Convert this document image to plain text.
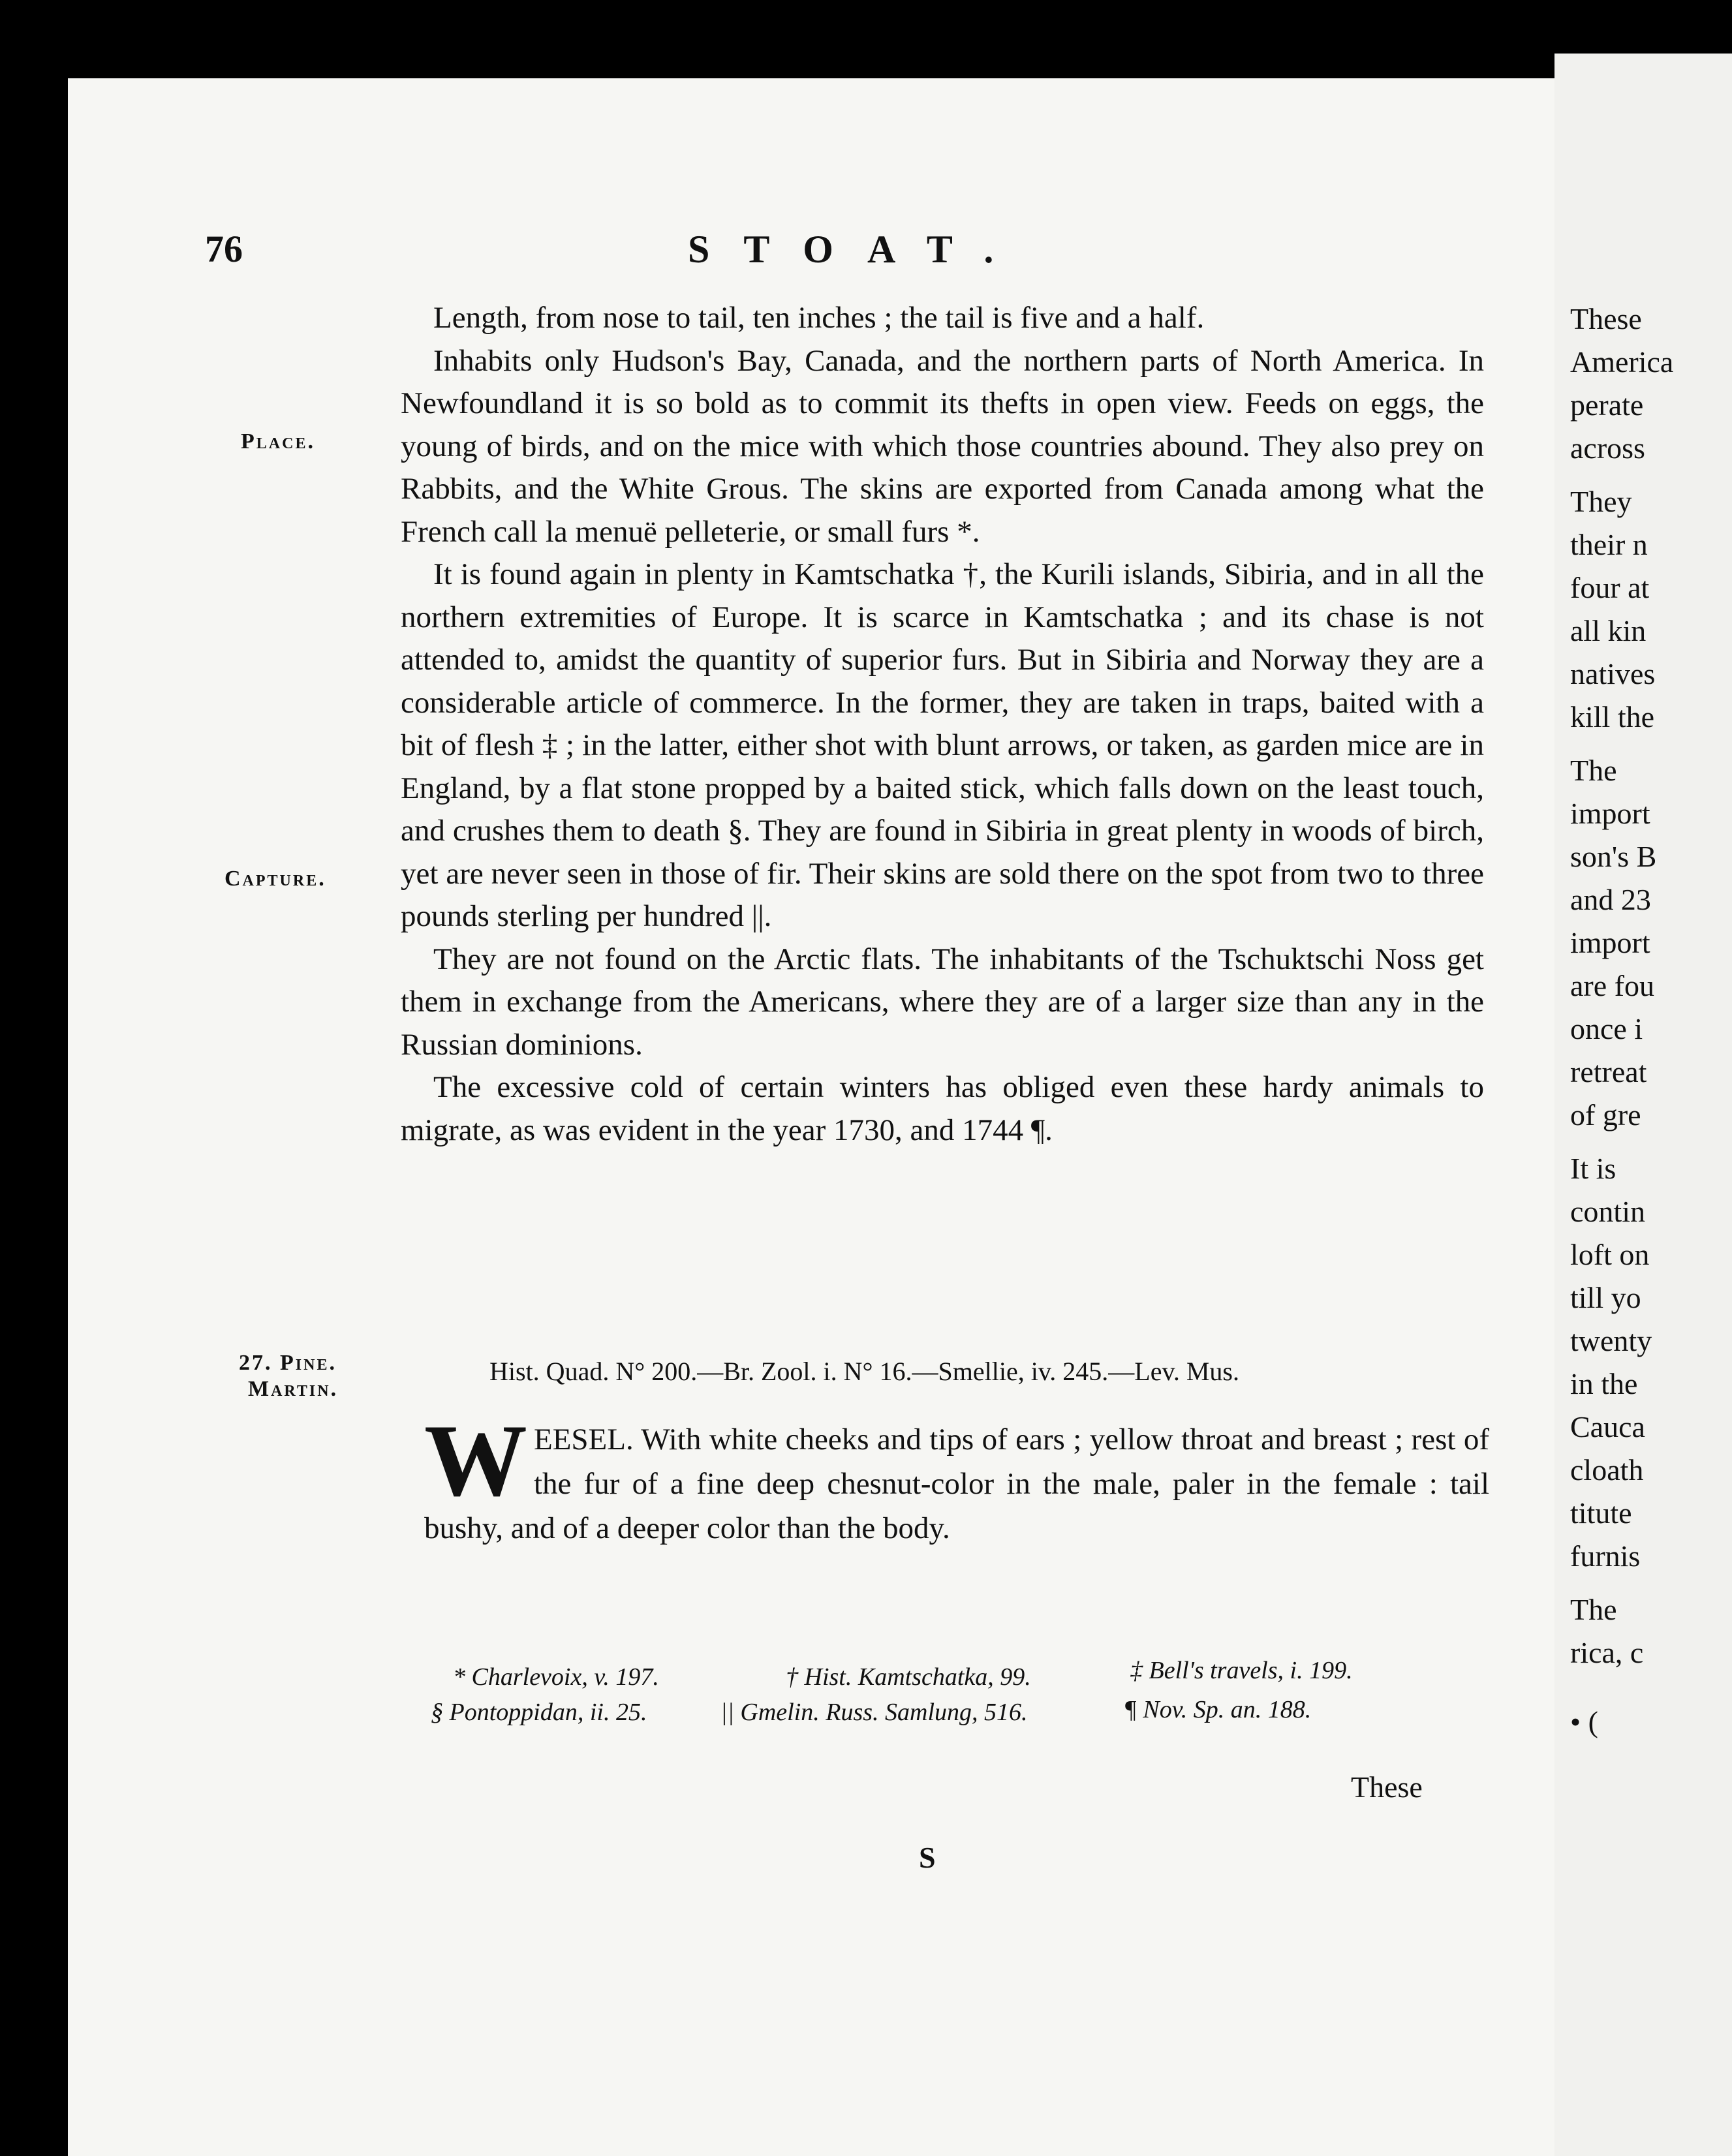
76	STOAT.
Place.
Capture.
27. Pine.
Martin.

Length, from nose to tail, ten inches ; the tail is five and a half.

Inhabits only Hudson's Bay, Canada, and the northern parts of North America. In Newfoundland it is so bold as to commit its thefts in open view. Feeds on eggs, the young of birds, and on the mice with which those countries abound. They also prey on Rabbits, and the White Grous. The skins are exported from Canada among what the French call la menuë pelleterie, or small furs *.

It is found again in plenty in Kamtschatka †, the Kurili islands, Sibiria, and in all the northern extremities of Europe. It is scarce in Kamtschatka ; and its chase is not attended to, amidst the quantity of superior furs. But in Sibiria and Norway they are a considerable article of commerce. In the former, they are taken in traps, baited with a bit of flesh ‡ ; in the latter, either shot with blunt arrows, or taken, as garden mice are in England, by a flat stone propped by a baited stick, which falls down on the least touch, and crushes them to death §. They are found in Sibiria in great plenty in woods of birch, yet are never seen in those of fir. Their skins are sold there on the spot from two to three pounds sterling per hundred ||.

They are not found on the Arctic flats. The inhabitants of the Tschuktschi Noss get them in exchange from the Americans, where they are of a larger size than any in the Russian dominions.

The excessive cold of certain winters has obliged even these hardy animals to migrate, as was evident in the year 1730, and 1744 ¶.

Hist. Quad. N° 200.—Br. Zool. i. N° 16.—Smellie, iv. 245.—Lev. Mus.
W EESEL. With white cheeks and tips of ears ; yellow throat and breast ; rest of the fur of a fine deep chesnut-color in the male, paler in the female : tail bushy, and of a deeper color than the body.
* Charlevoix, v. 197.	† Hist. Kamtschatka, 99.	‡ Bell's travels, i. 199.
§ Pontoppidan, ii. 25.	|| Gmelin. Russ. Samlung, 516.	¶ Nov. Sp. an. 188.
These
S
These
America
perate
across
They
their n
four at
all kin
natives
kill the
The
import
son's B
and 23
import
are fou
once i
retreat
of gre
It is
contin
loft on
till yo
twenty
in the
Cauca
cloath
titute
furnis
The
rica, c
• (
